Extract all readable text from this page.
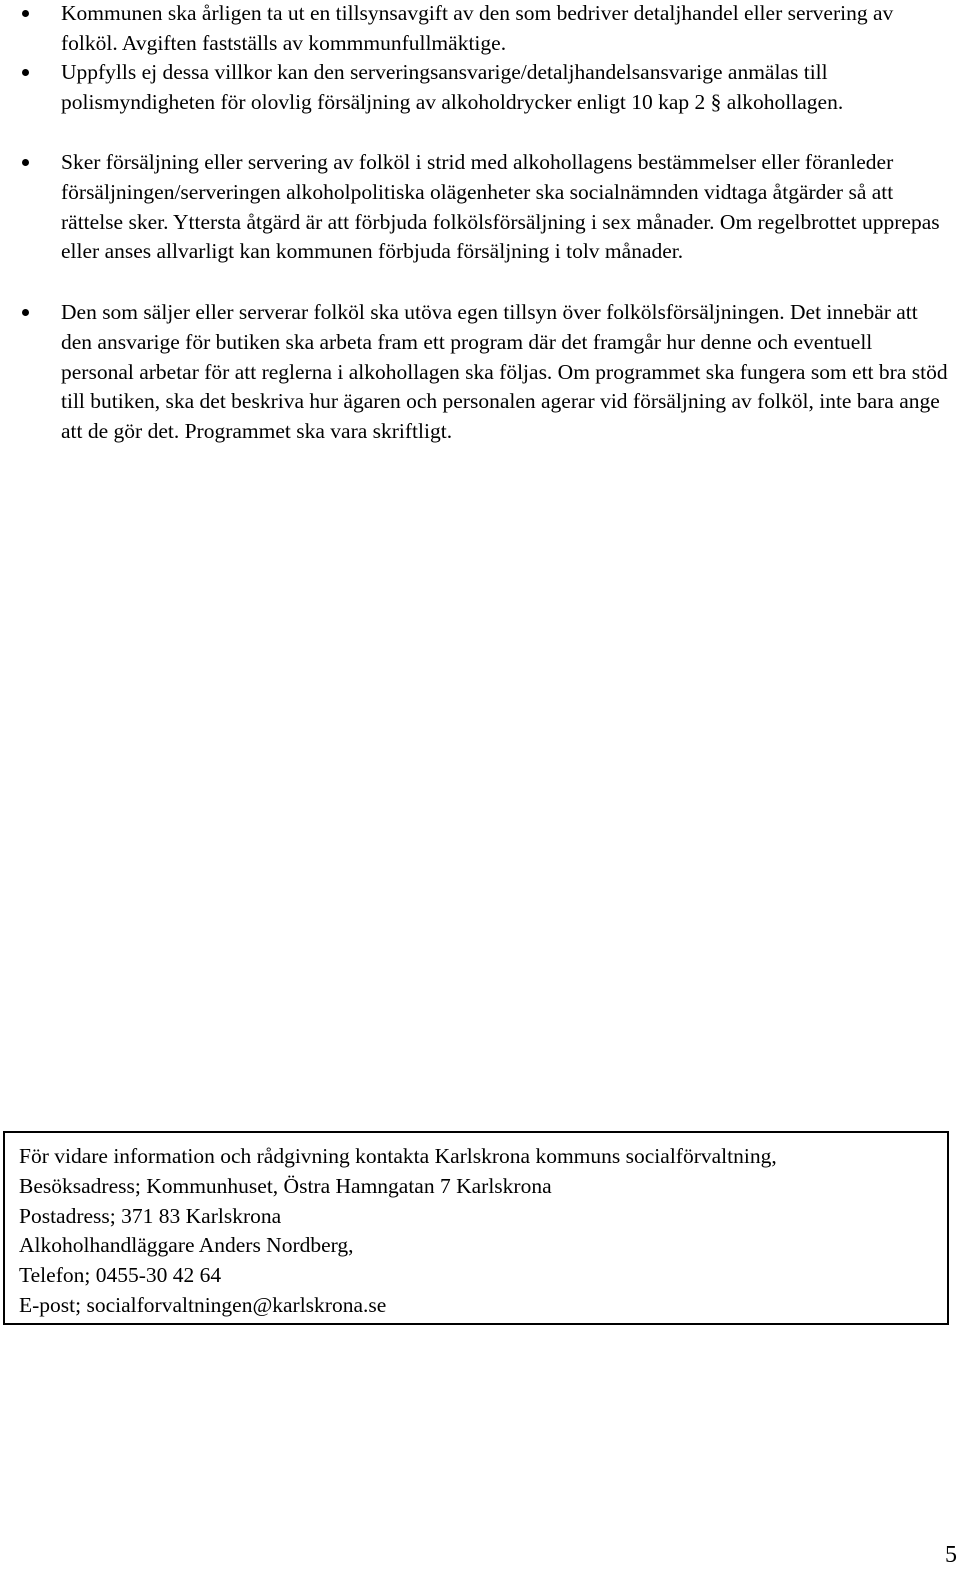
Kommunen ska årligen ta ut en tillsynsavgift av den som bedriver detaljhandel eller servering av folköl. Avgiften fastställs av kommmunfullmäktige.
Uppfylls ej dessa villkor kan den serveringsansvarige/detaljhandelsansvarige anmälas till polismyndigheten för olovlig försäljning av alkoholdrycker enligt 10 kap 2 § alkohollagen.
Sker försäljning eller servering av folköl i strid med alkohollagens bestämmelser eller föranleder försäljningen/serveringen alkoholpolitiska olägenheter ska socialnämnden vidtaga åtgärder så att rättelse sker. Yttersta åtgärd är att förbjuda folkölsförsäljning i sex månader. Om regelbrottet upprepas eller anses allvarligt kan kommunen förbjuda försäljning i tolv månader.
Den som säljer eller serverar folköl ska utöva egen tillsyn över folkölsförsäljningen. Det innebär att den ansvarige för butiken ska arbeta fram ett program där det framgår hur denne och eventuell personal arbetar för att reglerna i alkohollagen ska följas. Om programmet ska fungera som ett bra stöd till butiken, ska det beskriva hur ägaren och personalen agerar vid försäljning av folköl, inte bara ange att de gör det. Programmet ska vara skriftligt.
För vidare information och rådgivning kontakta Karlskrona kommuns socialförvaltning,
Besöksadress; Kommunhuset, Östra Hamngatan 7 Karlskrona
Postadress; 371 83 Karlskrona
Alkoholhandläggare Anders Nordberg,
Telefon; 0455-30 42 64
E-post; socialforvaltningen@karlskrona.se
5
